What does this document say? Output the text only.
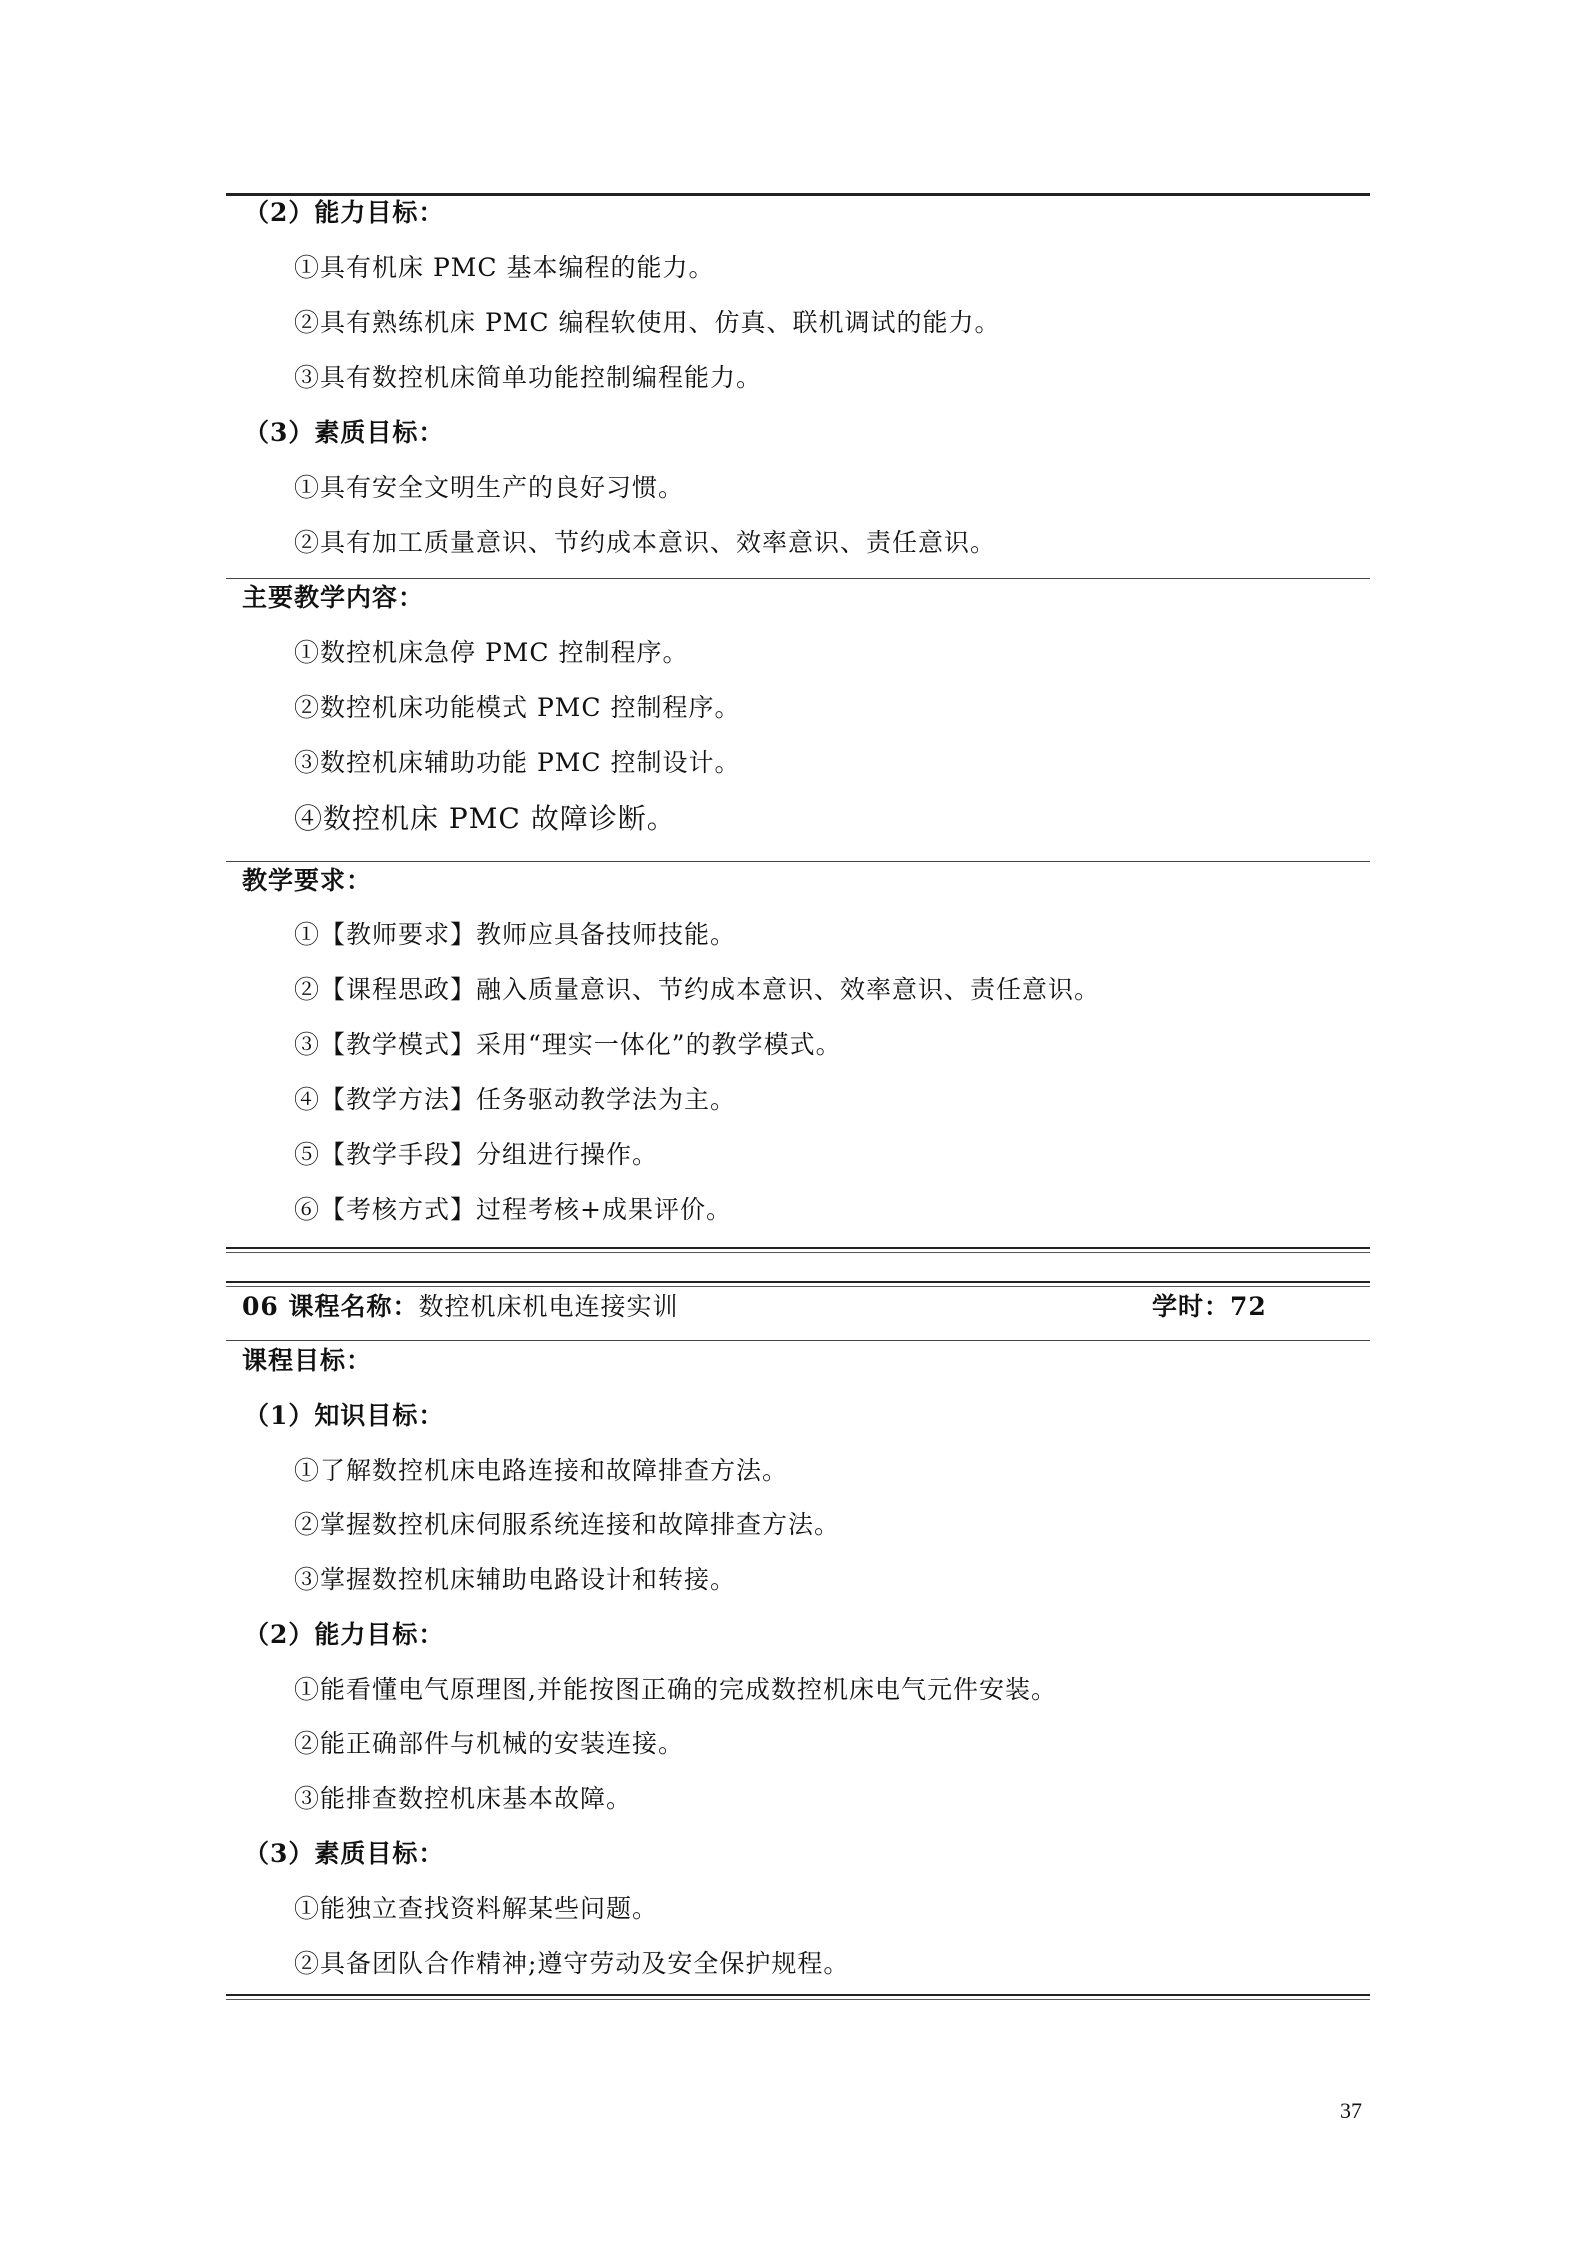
（2）能力目标：
①具有机床 PMC 基本编程的能力。
②具有熟练机床 PMC 编程软使用、仿真、联机调试的能力。
③具有数控机床简单功能控制编程能力。
（3）素质目标：
①具有安全文明生产的良好习惯。
②具有加工质量意识、节约成本意识、效率意识、责任意识。
主要教学内容：
①数控机床急停 PMC 控制程序。
②数控机床功能模式 PMC 控制程序。
③数控机床辅助功能 PMC 控制设计。
④数控机床 PMC 故障诊断。
教学要求：
①【教师要求】教师应具备技师技能。
②【课程思政】融入质量意识、节约成本意识、效率意识、责任意识。
③【教学模式】采用“理实一体化”的教学模式。
④【教学方法】任务驱动教学法为主。
⑤【教学手段】分组进行操作。
⑥【考核方式】过程考核+成果评价。
06 课程名称：数控机床机电连接实训	学时：72
课程目标：
（1）知识目标：
①了解数控机床电路连接和故障排查方法。
②掌握数控机床伺服系统连接和故障排查方法。
③掌握数控机床辅助电路设计和转接。
（2）能力目标：
①能看懂电气原理图,并能按图正确的完成数控机床电气元件安装。
②能正确部件与机械的安装连接。
③能排查数控机床基本故障。
（3）素质目标：
①能独立查找资料解某些问题。
②具备团队合作精神;遵守劳动及安全保护规程。
37
